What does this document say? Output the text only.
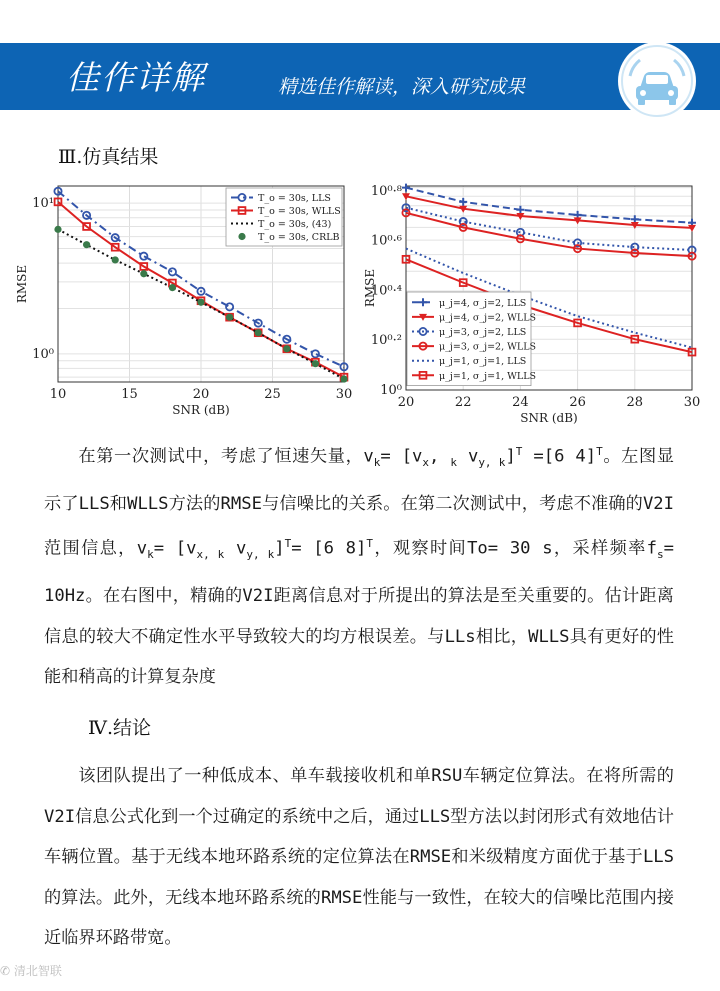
佳作详解	精选佳作解读，深入研究成果
Ⅲ.仿真结果
10	15	20	25	30
10¹
10⁰
SNR (dB)
RMSE
T_o = 30s, LLS
T_o = 30s, WLLS
T_o = 30s, (43)
T_o = 30s, CRLB
20	22	24	26	28	30
10⁰
10⁰·²
10⁰·⁴
10⁰·⁶
10⁰·⁸
SNR (dB)
RMSE	μ_j=4, σ_j=2, LLS
μ_j=4, σ_j=2, WLLS
μ_j=3, σ_j=2, LLS
μ_j=3, σ_j=2, WLLS
μ_j=1, σ_j=1, LLS
μ_j=1, σ_j=1, WLLS

在第一次测试中，考虑了恒速矢量，$v_k= [v_x$, $_k$ $v_{y, k}]^T =[6$ 4]$^T$。左图显示了LLS和WLLS方法的RMSE与信噪比的关系。在第二次测试中，考虑不准确的V2I范围信息，$v_k= [v_{x, k}$ $v_{y, k}]^T= [6$ 8]$^T$，观察时间To= 30 s，采样频率$f_s= 10Hz$。在右图中，精确的V2I距离信息对于所提出的算法是至关重要的。估计距离信息的较大不确定性水平导致较大的均方根误差。与LLs相比，WLLS具有更好的性能和稍高的计算复杂度

Ⅳ.结论

该团队提出了一种低成本、单车载接收机和单RSU车辆定位算法。在将所需的V2I信息公式化到一个过确定的系统中之后，通过LLS型方法以封闭形式有效地估计车辆位置。基于无线本地环路系统的定位算法在RMSE和米级精度方面优于基于LLS的算法。此外，无线本地环路系统的RMSE性能与一致性，在较大的信噪比范围内接近临界环路带宽。

✆ 清北智联
